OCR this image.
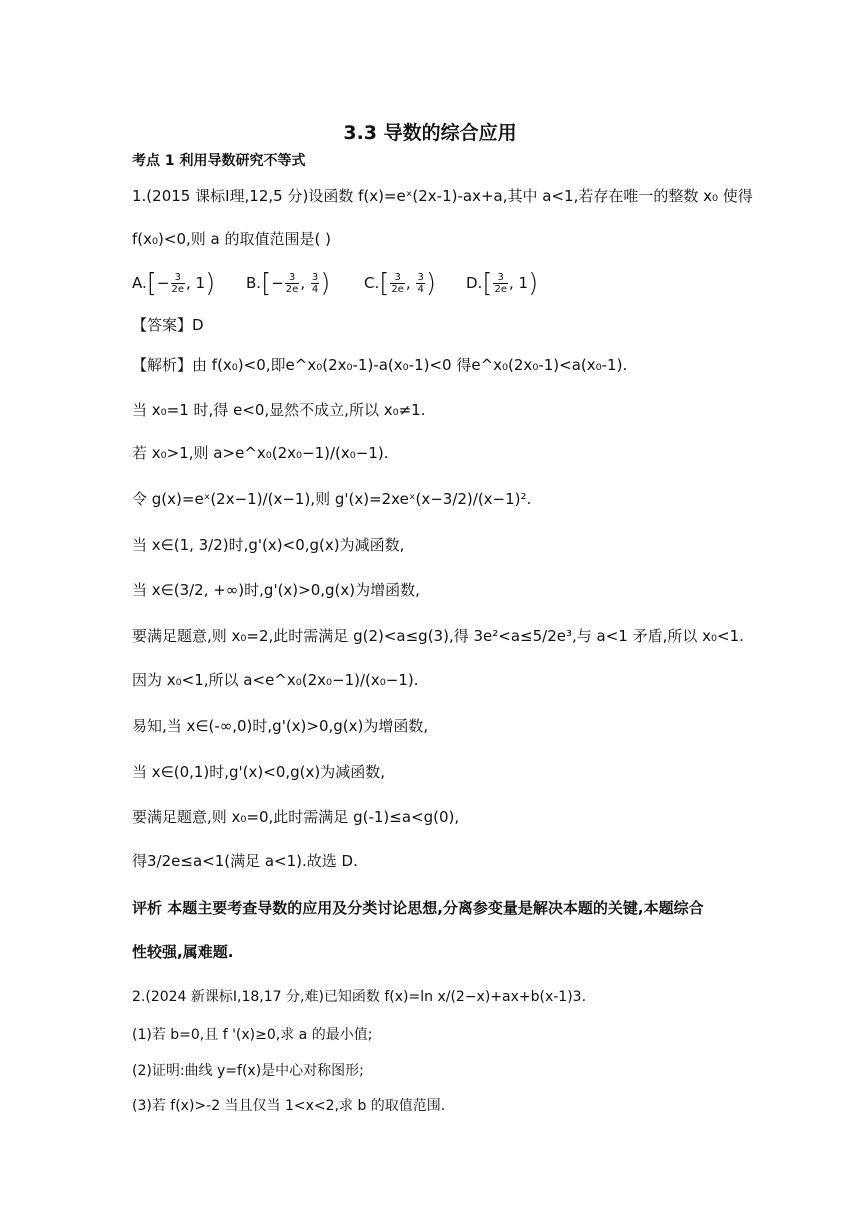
3.3 导数的综合应用
考点 1 利用导数研究不等式
1.(2015 课标Ⅰ理,12,5 分)设函数 f(x)=eˣ(2x-1)-ax+a,其中 a<1,若存在唯一的整数 x₀ 使得
f(x₀)<0,则 a 的取值范围是( )
$A.[- \frac{3}{2e}$ , 1) $B.[- \frac{3}{2e}$ , $\frac{3}{4}$ ) $C.[ \frac{3}{2e}$ , $\frac{3}{4}$ ) $D.[ \frac{3}{2e}$ , 1)
【答案】D
【解析】由 f(x₀)<0,即e^x₀(2x₀-1)-a(x₀-1)<0 得e^x₀(2x₀-1)<a(x₀-1).
当 x₀=1 时,得 e<0,显然不成立,所以 x₀≠1.
若 x₀>1,则 a>e^x₀(2x₀−1)/(x₀−1).
令 g(x)=eˣ(2x−1)/(x−1),则 g'(x)=2xeˣ(x−3/2)/(x−1)².
当 x∈(1, 3/2)时,g'(x)<0,g(x)为减函数,
当 x∈(3/2, +∞)时,g'(x)>0,g(x)为增函数,
要满足题意,则 x₀=2,此时需满足 g(2)<a≤g(3),得 3e²<a≤5/2e³,与 a<1 矛盾,所以 x₀<1.
因为 x₀<1,所以 a<e^x₀(2x₀−1)/(x₀−1).
易知,当 x∈(-∞,0)时,g'(x)>0,g(x)为增函数,
当 x∈(0,1)时,g'(x)<0,g(x)为减函数,
要满足题意,则 x₀=0,此时需满足 g(-1)≤a<g(0),
得3/2e≤a<1(满足 a<1).故选 D.
评析 本题主要考查导数的应用及分类讨论思想,分离参变量是解决本题的关键,本题综合
性较强,属难题.
2.(2024 新课标Ⅰ,18,17 分,难)已知函数 f(x)=ln x/(2−x)+ax+b(x-1)3.
(1)若 b=0,且 f '(x)≥0,求 a 的最小值;
(2)证明:曲线 y=f(x)是中心对称图形;
(3)若 f(x)>-2 当且仅当 1<x<2,求 b 的取值范围.
